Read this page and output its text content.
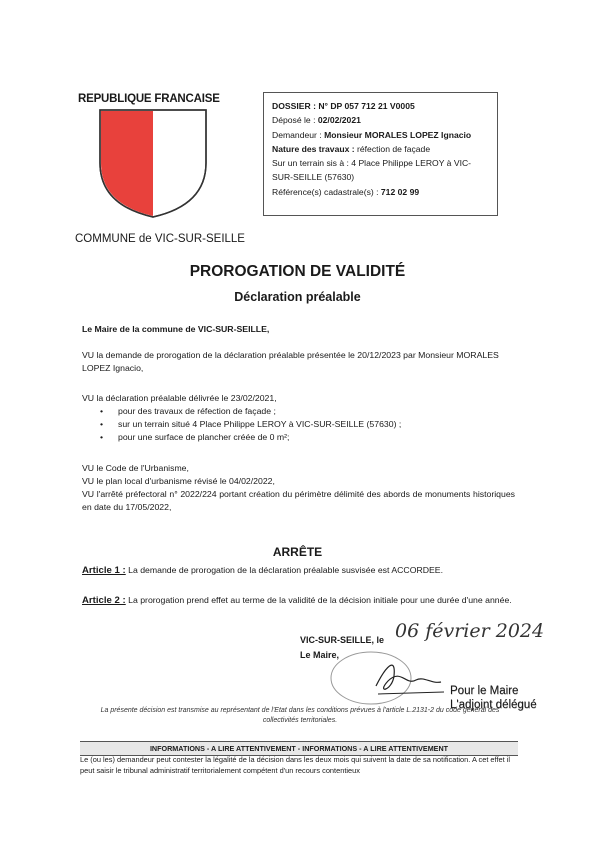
REPUBLIQUE FRANCAISE
COMMUNE de VIC-SUR-SEILLE
DOSSIER : N° DP 057 712 21 V0005
Déposé le : 02/02/2021
Demandeur : Monsieur MORALES LOPEZ Ignacio
Nature des travaux : réfection de façade
Sur un terrain sis à : 4 Place Philippe LEROY à VIC-SUR-SEILLE (57630)
Référence(s) cadastrale(s) : 712 02 99
PROROGATION DE VALIDITÉ
Déclaration préalable
Le Maire de la commune de VIC-SUR-SEILLE,
VU la demande de prorogation de la déclaration préalable présentée le 20/12/2023 par Monsieur MORALES LOPEZ Ignacio,
VU la déclaration préalable délivrée le 23/02/2021,
• pour des travaux de réfection de façade ;
• sur un terrain situé 4 Place Philippe LEROY à VIC-SUR-SEILLE (57630) ;
• pour une surface de plancher créée de 0 m²;
VU le Code de l'Urbanisme,
VU le plan local d'urbanisme révisé le 04/02/2022,
VU l'arrêté préfectoral n° 2022/224 portant création du périmètre délimité des abords de monuments historiques en date du 17/05/2022,
ARRÊTE
Article 1 : La demande de prorogation de la déclaration préalable susvisée est ACCORDEE.
Article 2 : La prorogation prend effet au terme de la validité de la décision initiale pour une durée d'une année.
06 février 2024
VIC-SUR-SEILLE, le
Le Maire,
Pour le Maire
L'adjoint délégué
La présente décision est transmise au représentant de l'Etat dans les conditions prévues à l'article L.2131-2 du code général des collectivités territoriales.
INFORMATIONS - A LIRE ATTENTIVEMENT - INFORMATIONS - A LIRE ATTENTIVEMENT
Le (ou les) demandeur peut contester la légalité de la décision dans les deux mois qui suivent la date de sa notification. A cet effet il peut saisir le tribunal administratif territorialement compétent d'un recours contentieux
